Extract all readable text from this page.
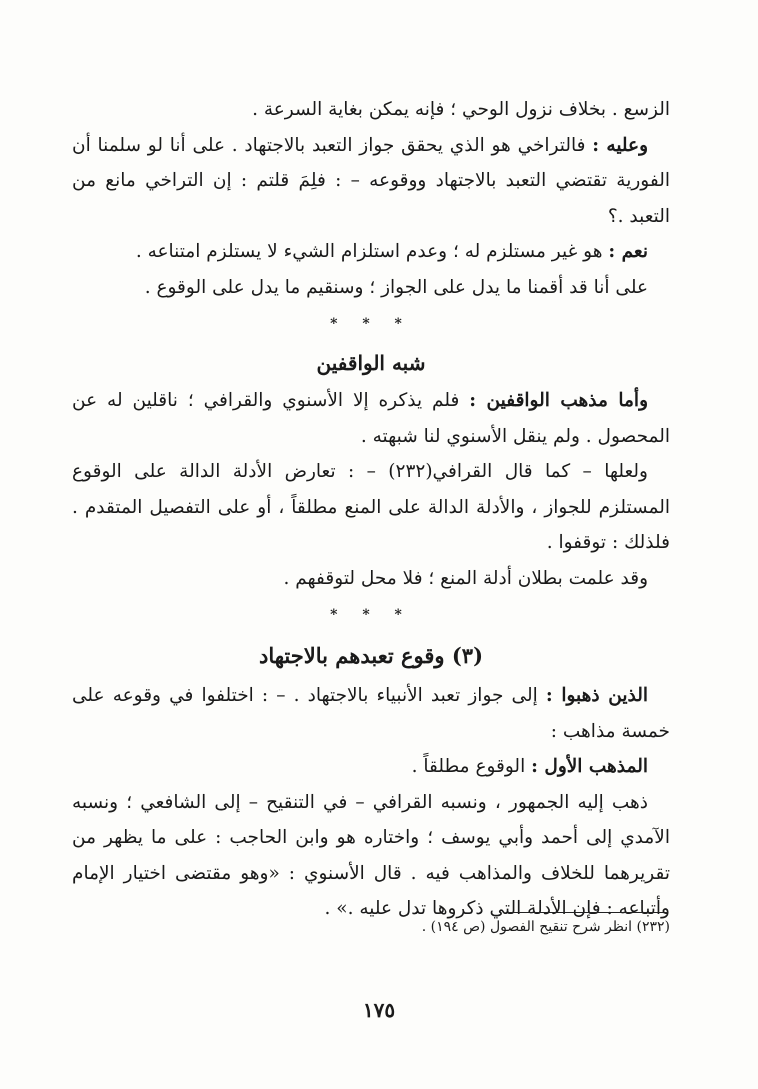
الزسع . بخلاف نزول الوحي ؛ فإنه يمكن بغاية السرعة .

وعليه : فالتراخي هو الذي يحقق جواز التعبد بالاجتهاد . على أنا لو سلمنا أن الفورية تقتضي التعبد بالاجتهاد ووقوعه – : فلِمَ قلتم : إن التراخي مانع من التعبد .؟

نعم : هو غير مستلزم له ؛ وعدم استلزام الشيء لا يستلزم امتناعه .

على أنا قد أقمنا ما يدل على الجواز ؛ وسنقيم ما يدل على الوقوع .

* * *

شبه الواقفين

وأما مذهب الواقفين : فلم يذكره إلا الأسنوي والقرافي ؛ ناقلين له عن المحصول . ولم ينقل الأسنوي لنا شبهته .

ولعلها – كما قال القرافي(٢٣٢) – : تعارض الأدلة الدالة على الوقوع المستلزم للجواز ، والأدلة الدالة على المنع مطلقاً ، أو على التفصيل المتقدم . فلذلك : توقفوا .

وقد علمت بطلان أدلة المنع ؛ فلا محل لتوقفهم .

* * *

(٣) وقوع تعبدهم بالاجتهاد

الذين ذهبوا : إلى جواز تعبد الأنبياء بالاجتهاد . – : اختلفوا في وقوعه على خمسة مذاهب :

المذهب الأول : الوقوع مطلقاً .

ذهب إليه الجمهور ، ونسبه القرافي – في التنقيح – إلى الشافعي ؛ ونسبه الآمدي إلى أحمد وأبي يوسف ؛ واختاره هو وابن الحاجب : على ما يظهر من تقريرهما للخلاف والمذاهب فيه . قال الأسنوي : «وهو مقتضى اختيار الإمام وأتباعه : فإن الأدلة التي ذكروها تدل عليه .» .

(٢٣٢) انظر شرح تنقيح الفصول (ص ١٩٤) .
١٧٥
